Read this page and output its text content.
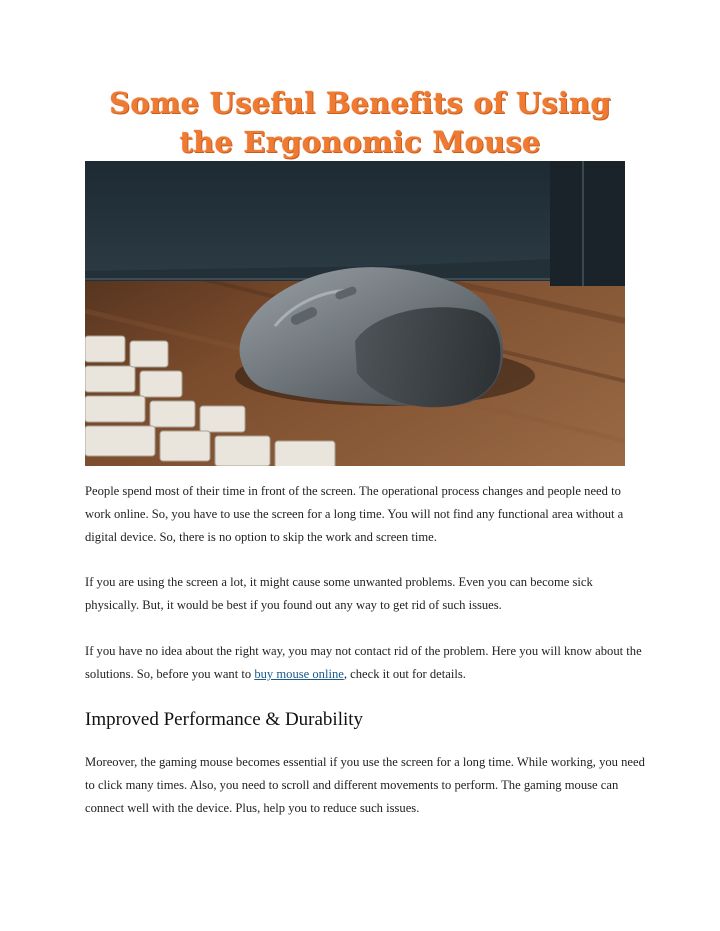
Some Useful Benefits of Using
the Ergonomic Mouse

People spend most of their time in front of the screen. The operational process changes and people need to work online. So, you have to use the screen for a long time. You will not find any functional area without a digital device. So, there is no option to skip the work and screen time.

If you are using the screen a lot, it might cause some unwanted problems. Even you can become sick physically. But, it would be best if you found out any way to get rid of such issues.

If you have no idea about the right way, you may not contact rid of the problem. Here you will know about the solutions. So, before you want to buy mouse online, check it out for details.

Improved Performance & Durability

Moreover, the gaming mouse becomes essential if you use the screen for a long time. While working, you need to click many times. Also, you need to scroll and different movements to perform. The gaming mouse can connect well with the device. Plus, help you to reduce such issues.
